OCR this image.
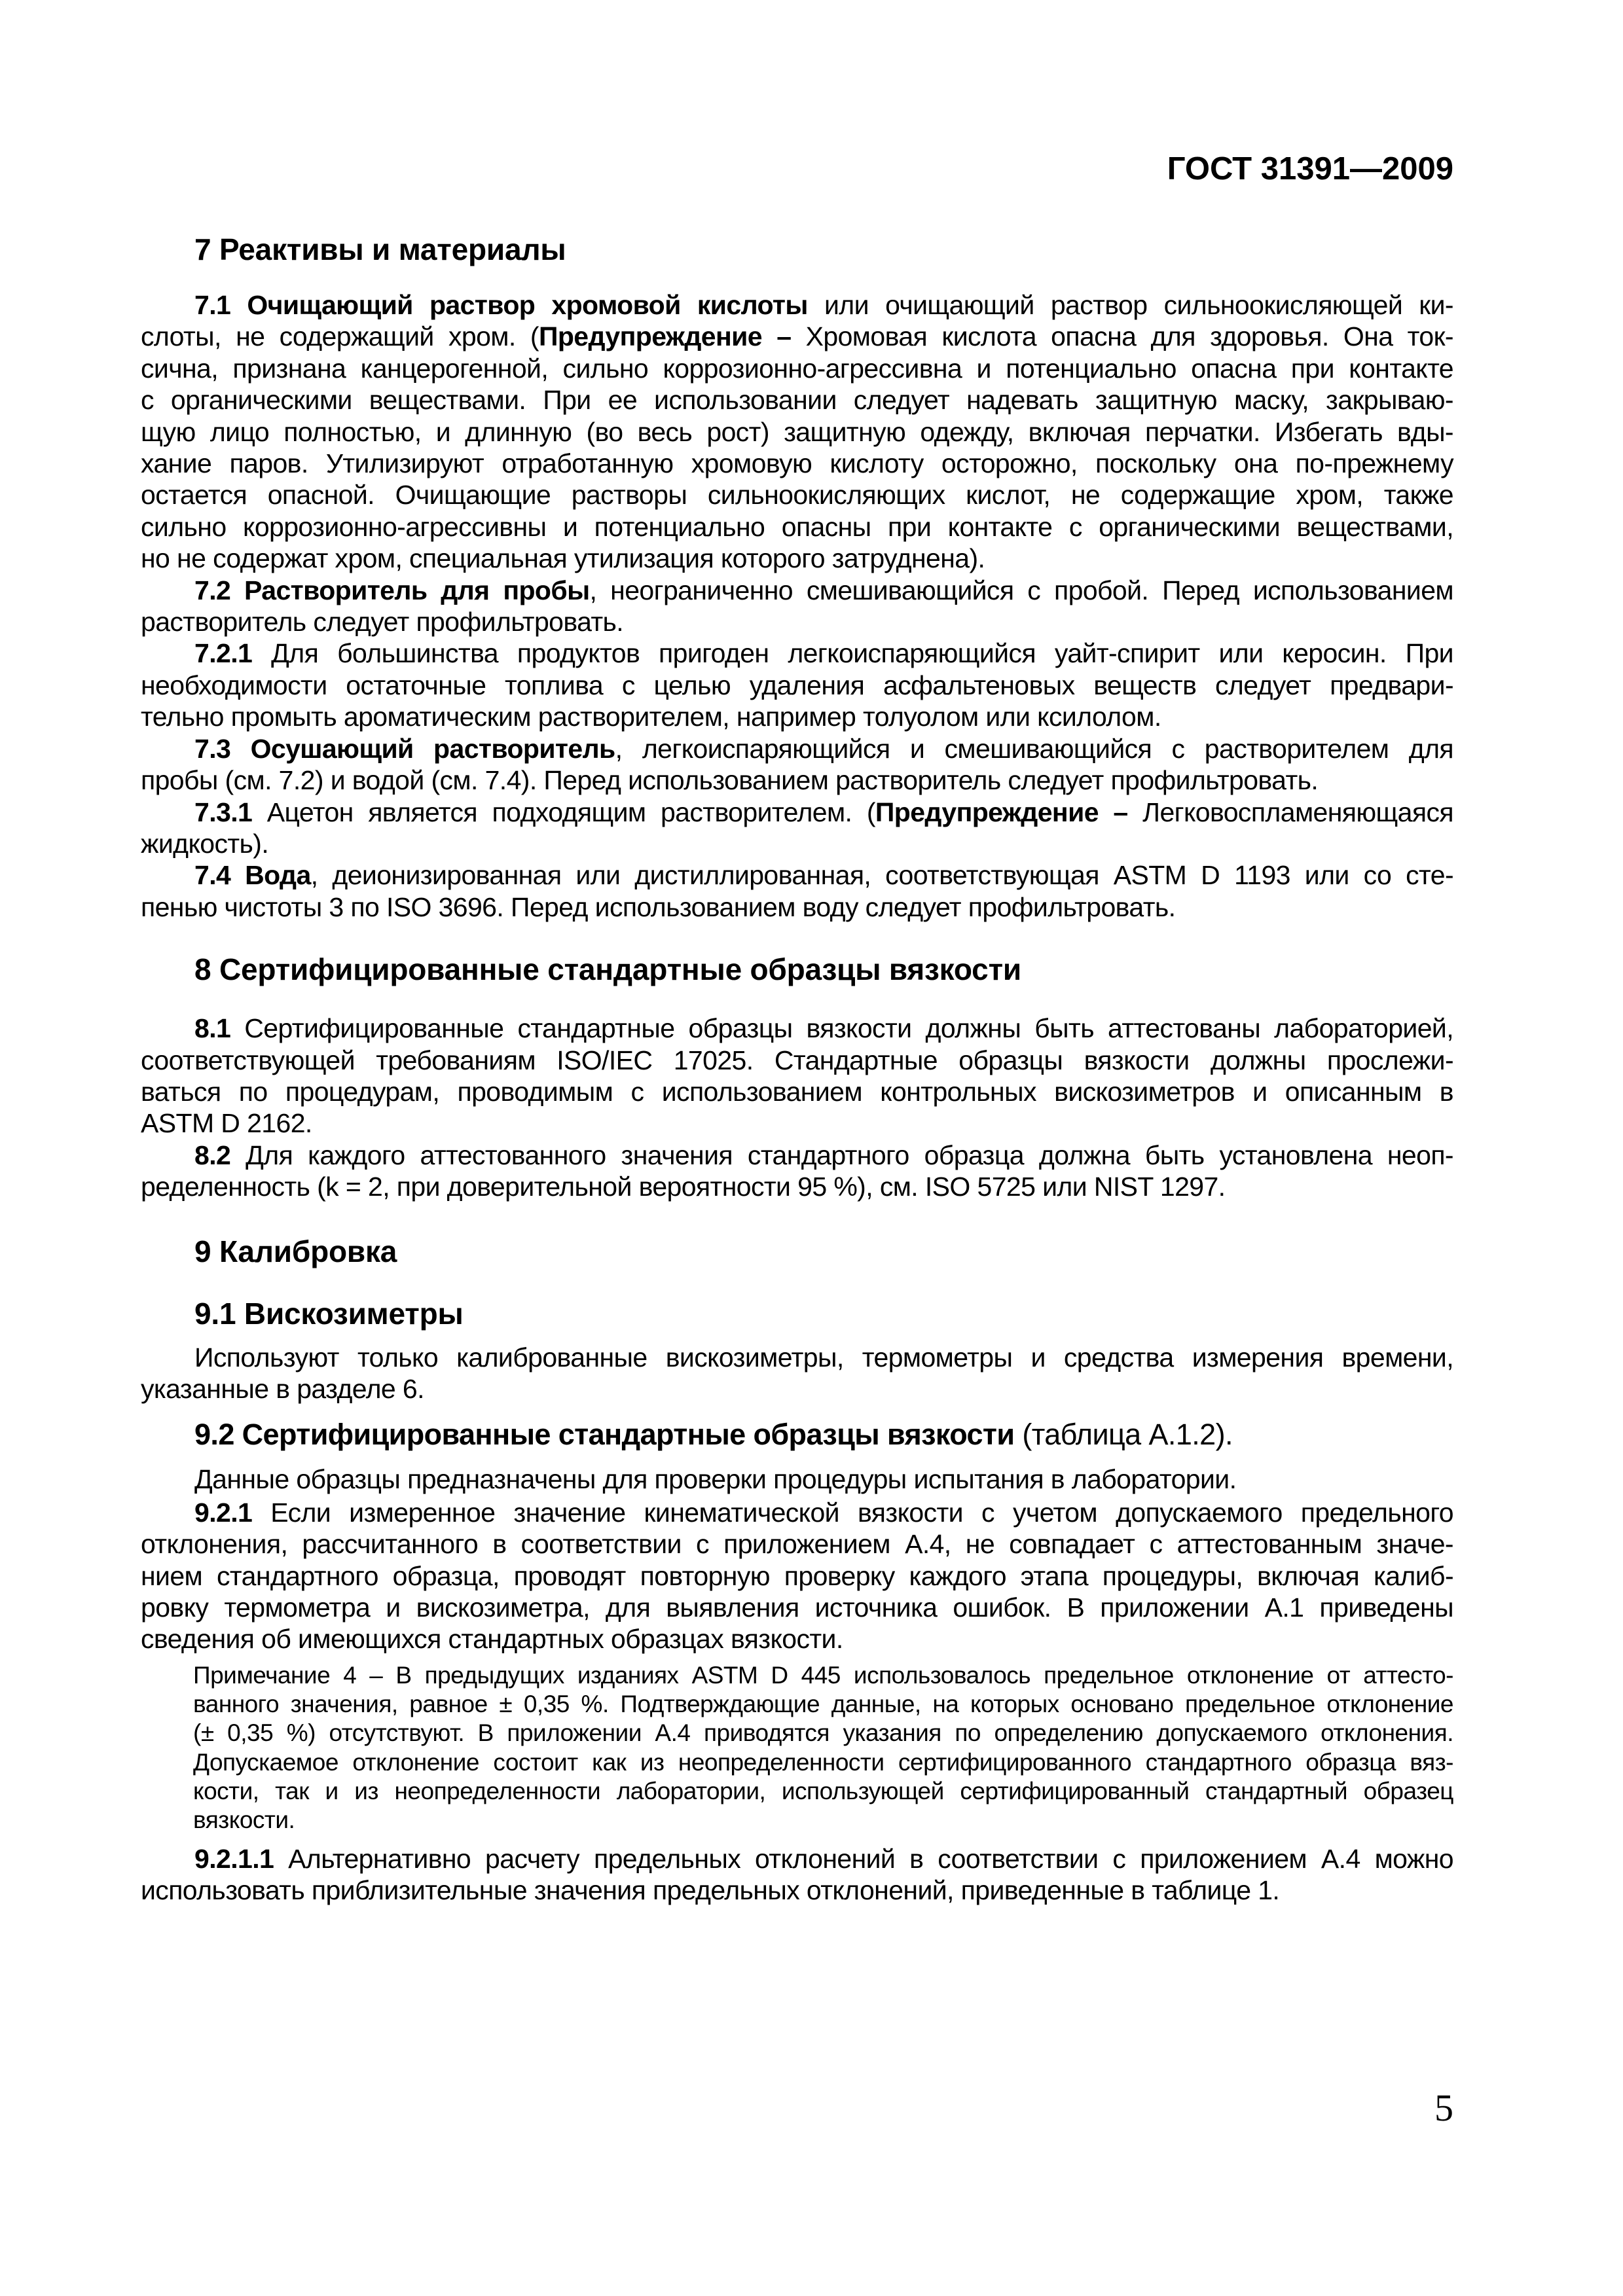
ГОСТ 31391—2009
7 Реактивы и материалы
7.1 Очищающий раствор хромовой кислоты или очищающий раствор сильноокисляющей ки-
слоты, не содержащий хром. (Предупреждение – Хромовая кислота опасна для здоровья. Она ток-
сична, признана канцерогенной, сильно коррозионно-агрессивна и потенциально опасна при контакте
с органическими веществами. При ее использовании следует надевать защитную маску, закрываю-
щую лицо полностью, и длинную (во весь рост) защитную одежду, включая перчатки. Избегать вды-
хание паров. Утилизируют отработанную хромовую кислоту осторожно, поскольку она по-прежнему
остается опасной. Очищающие растворы сильноокисляющих кислот, не содержащие хром, также
сильно коррозионно-агрессивны и потенциально опасны при контакте с органическими веществами,
но не содержат хром, специальная утилизация которого затруднена).
7.2 Растворитель для пробы, неограниченно смешивающийся с пробой. Перед использованием
растворитель следует профильтровать.
7.2.1 Для большинства продуктов пригоден легкоиспаряющийся уайт-спирит или керосин. При
необходимости остаточные топлива с целью удаления асфальтеновых веществ следует предвари-
тельно промыть ароматическим растворителем, например толуолом или ксилолом.
7.3 Осушающий растворитель, легкоиспаряющийся и смешивающийся с растворителем для
пробы (см. 7.2) и водой (см. 7.4). Перед использованием растворитель следует профильтровать.
7.3.1 Ацетон является подходящим растворителем. (Предупреждение – Легковоспламеняющаяся
жидкость).
7.4 Вода, деионизированная или дистиллированная, соответствующая ASTM D 1193 или со сте-
пенью чистоты 3 по ISO 3696. Перед использованием воду следует профильтровать.
8 Сертифицированные стандартные образцы вязкости
8.1 Сертифицированные стандартные образцы вязкости должны быть аттестованы лабораторией,
соответствующей требованиям ISO/IEC 17025. Стандартные образцы вязкости должны прослежи-
ваться по процедурам, проводимым с использованием контрольных вискозиметров и описанным в
ASTM D 2162.
8.2 Для каждого аттестованного значения стандартного образца должна быть установлена неоп-
ределенность (k = 2, при доверительной вероятности 95 %), см. ISO 5725 или NIST 1297.
9 Калибровка
9.1 Вискозиметры
Используют только калиброванные вискозиметры, термометры и средства измерения времени,
указанные в разделе 6.
9.2 Сертифицированные стандартные образцы вязкости (таблица А.1.2).
Данные образцы предназначены для проверки процедуры испытания в лаборатории.
9.2.1 Если измеренное значение кинематической вязкости с учетом допускаемого предельного
отклонения, рассчитанного в соответствии с приложением А.4, не совпадает с аттестованным значе-
нием стандартного образца, проводят повторную проверку каждого этапа процедуры, включая калиб-
ровку термометра и вискозиметра, для выявления источника ошибок. В приложении А.1 приведены
сведения об имеющихся стандартных образцах вязкости.
Примечание 4 – В предыдущих изданиях ASTM D 445 использовалось предельное отклонение от аттесто-
ванного значения, равное ± 0,35 %. Подтверждающие данные, на которых основано предельное отклонение
(± 0,35 %) отсутствуют. В приложении А.4 приводятся указания по определению допускаемого отклонения.
Допускаемое отклонение состоит как из неопределенности сертифицированного стандартного образца вяз-
кости, так и из неопределенности лаборатории, использующей сертифицированный стандартный образец
вязкости.
9.2.1.1 Альтернативно расчету предельных отклонений в соответствии с приложением А.4 можно
использовать приблизительные значения предельных отклонений, приведенные в таблице 1.
5
